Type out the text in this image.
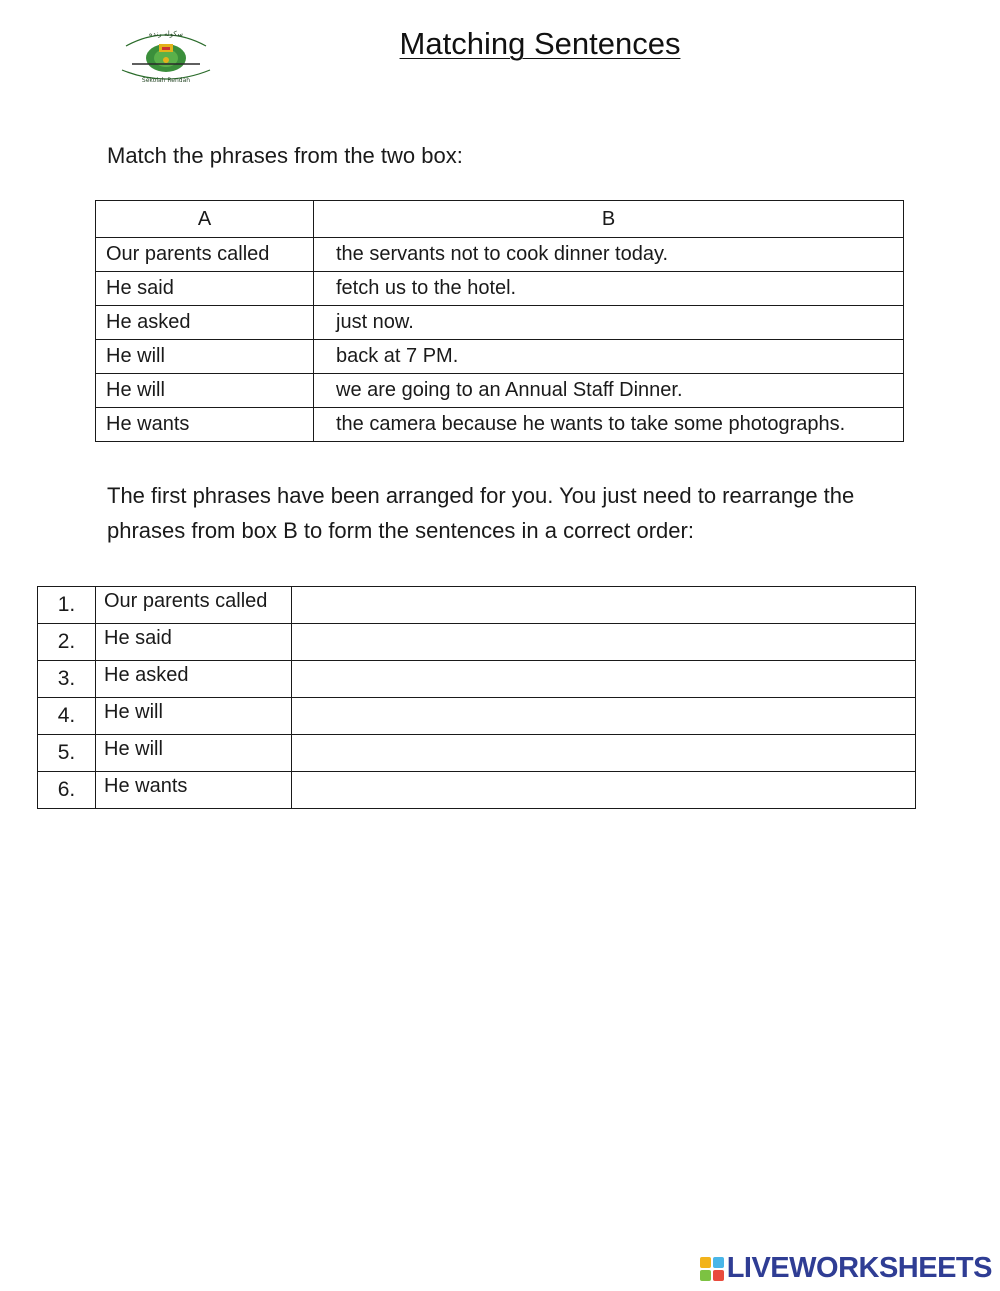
سكوله رنده
Sekolah Rendah
Matching Sentences
Match the phrases from the two box:
A	B
Our parents called	the servants not to cook dinner today.
He said	fetch us to the hotel.
He asked	just now.
He will	back at 7 PM.
He will	we are going to an Annual Staff Dinner.
He wants	the camera because he wants to take some photographs.
The first phrases have been arranged for you. You just need to rearrange the phrases from box B to form the sentences in a correct order:
1.	Our parents called	
2.	He said	
3.	He asked	
4.	He will	
5.	He will	
6.	He wants	
LIVEWORKSHEETS
